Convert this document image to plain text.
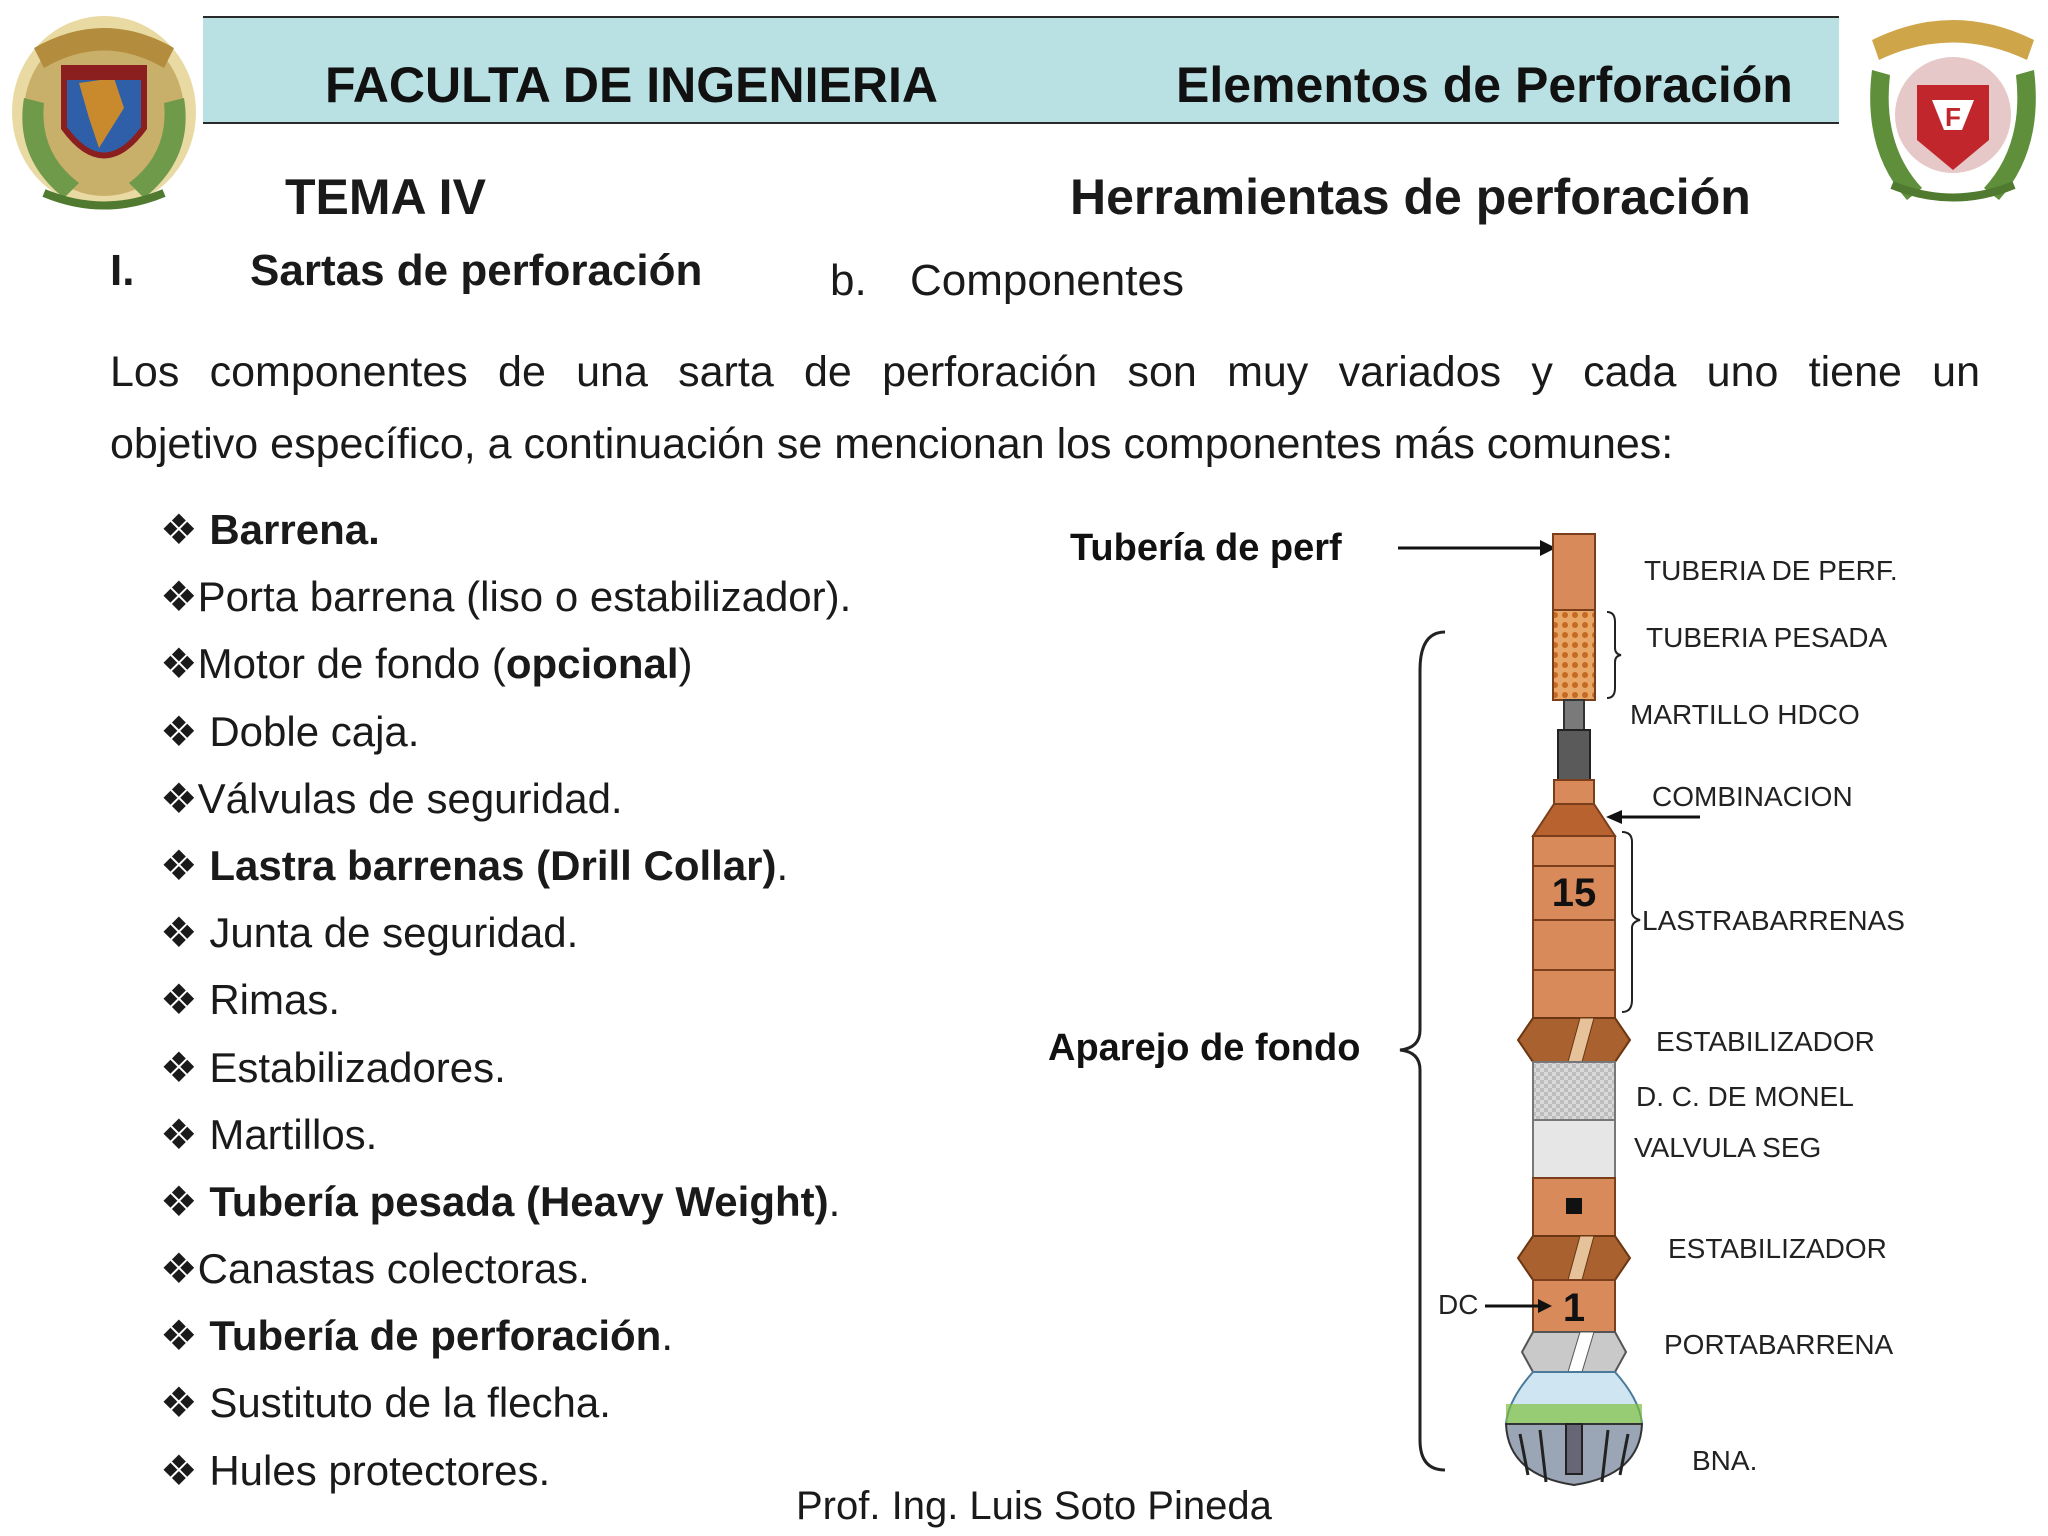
FACULTA DE INGENIERIA	Elementos de Perforación
F
TEMA IV	Herramientas de perforación
I.	Sartas de perforación	b. Componentes
Los componentes de una sarta de perforación son muy variados y cada uno tiene un
objetivo específico, a continuación se mencionan los componentes más comunes:
❖ Barrena.
❖Porta barrena (liso o estabilizador).
❖Motor de fondo (opcional)
❖ Doble caja.
❖Válvulas de seguridad.
❖ Lastra barrenas (Drill Collar).
❖ Junta de seguridad.
❖ Rimas.
❖ Estabilizadores.
❖ Martillos.
❖ Tubería pesada (Heavy Weight).
❖Canastas colectoras.
❖ Tubería de perforación.
❖ Sustituto de la flecha.
❖ Hules protectores.
15
1
Tubería de perf
Aparejo de fondo
DC
TUBERIA DE PERF.
TUBERIA PESADA
MARTILLO HDCO
COMBINACION
LASTRABARRENAS
ESTABILIZADOR
D. C. DE MONEL
VALVULA SEG
ESTABILIZADOR
PORTABARRENA
BNA.
Prof. Ing. Luis Soto Pineda
